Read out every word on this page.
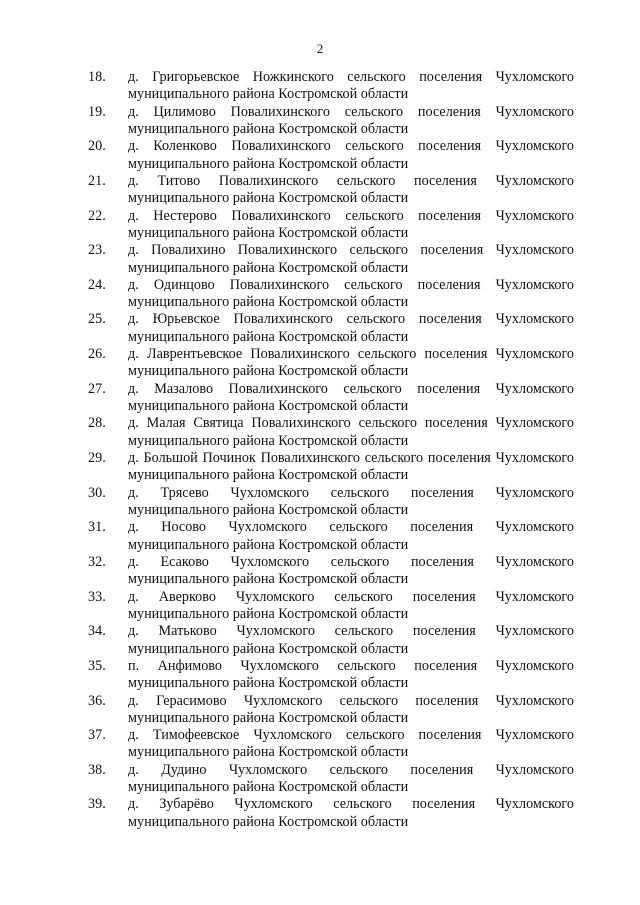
2
18.	д. Григорьевское Ножкинского сельского поселения Чухломского муниципального района Костромской области
19.	д. Цилимово Повалихинского сельского поселения Чухломского муниципального района Костромской области
20.	д. Коленково Повалихинского сельского поселения Чухломского муниципального района Костромской области
21.	д. Титово Повалихинского сельского поселения Чухломского муниципального района Костромской области
22.	д. Нестерово Повалихинского сельского поселения Чухломского муниципального района Костромской области
23.	д. Повалихино Повалихинского сельского поселения Чухломского муниципального района Костромской области
24.	д. Одинцово Повалихинского сельского поселения Чухломского муниципального района Костромской области
25.	д. Юрьевское Повалихинского сельского поселения Чухломского муниципального района Костромской области
26.	д. Лаврентьевское Повалихинского сельского поселения Чухломского муниципального района Костромской области
27.	д. Мазалово Повалихинского сельского поселения Чухломского муниципального района Костромской области
28.	д. Малая Святица Повалихинского сельского поселения Чухломского муниципального района Костромской области
29.	д. Большой Починок Повалихинского сельского поселения Чухломского муниципального района Костромской области
30.	д. Трясево Чухломского сельского поселения Чухломского муниципального района Костромской области
31.	д. Носово Чухломского сельского поселения Чухломского муниципального района Костромской области
32.	д. Есаково Чухломского сельского поселения Чухломского муниципального района Костромской области
33.	д. Аверково Чухломского сельского поселения Чухломского муниципального района Костромской области
34.	д. Матьково Чухломского сельского поселения Чухломского муниципального района Костромской области
35.	п. Анфимово Чухломского сельского поселения Чухломского муниципального района Костромской области
36.	д. Герасимово Чухломского сельского поселения Чухломского муниципального района Костромской области
37.	д. Тимофеевское Чухломского сельского поселения Чухломского муниципального района Костромской области
38.	д. Дудино Чухломского сельского поселения Чухломского муниципального района Костромской области
39.	д. Зубарёво Чухломского сельского поселения Чухломского муниципального района Костромской области
